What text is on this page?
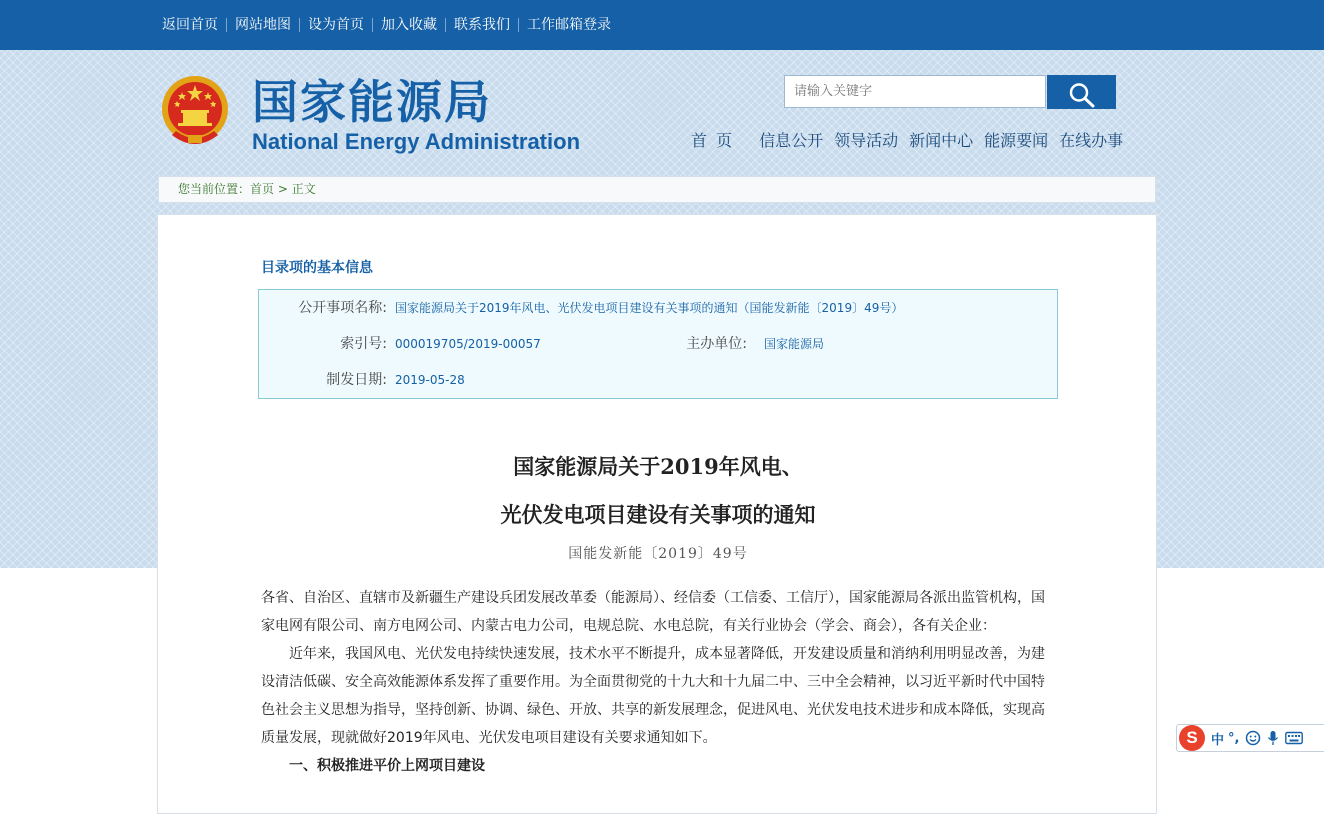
返回首页	网站地图	设为首页	加入收藏	联系我们	工作邮箱登录
国家能源局
National Energy Administration
请输入关键字	首 页 信息公开 领导活动 新闻中心 能源要闻 在线办事
您当前位置：首页 > 正文
目录项的基本信息
公开事项名称: 国家能源局关于2019年风电、光伏发电项目建设有关事项的通知（国能发新能〔2019〕49号）
索引号: 000019705/2019-00057	主办单位: 国家能源局
制发日期: 2019-05-28
国家能源局关于2019年风电、
光伏发电项目建设有关事项的通知
国能发新能〔2019〕49号

各省、自治区、直辖市及新疆生产建设兵团发展改革委（能源局）、经信委（工信委、工信厅），国家能源局各派出监管机构，国家电网有限公司、南方电网公司、内蒙古电力公司，电规总院、水电总院，有关行业协会（学会、商会），各有关企业：

近年来，我国风电、光伏发电持续快速发展，技术水平不断提升，成本显著降低，开发建设质量和消纳利用明显改善，为建设清洁低碳、安全高效能源体系发挥了重要作用。为全面贯彻党的十九大和十九届二中、三中全会精神，以习近平新时代中国特色社会主义思想为指导，坚持创新、协调、绿色、开放、共享的新发展理念，促进风电、光伏发电技术进步和成本降低，实现高质量发展，现就做好2019年风电、光伏发电项目建设有关要求通知如下。

一、积极推进平价上网项目建设

S	中 °,
